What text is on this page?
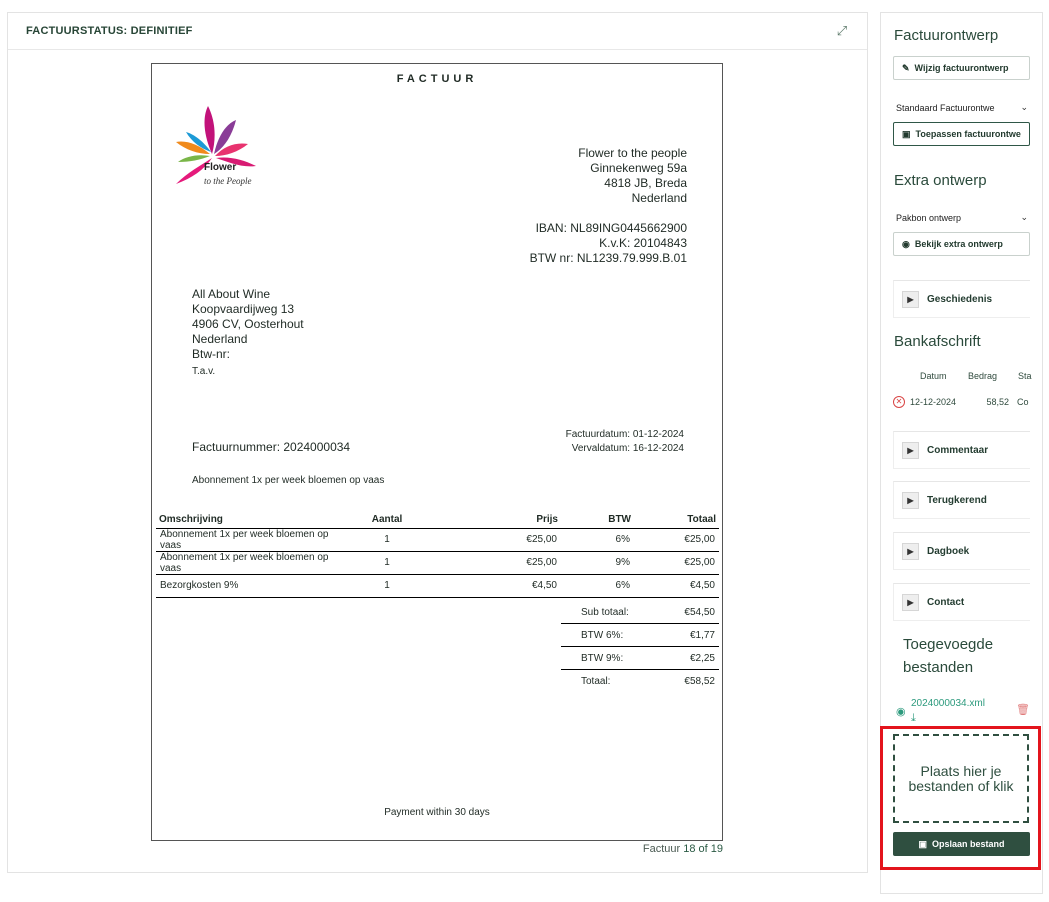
FACTUURSTATUS: DEFINITIEF	⤢
FACTUUR
Flower
to the People
Flower to the people
Ginnekenweg 59a
4818 JB, Breda
Nederland
IBAN: NL89ING0445662900
K.v.K: 20104843
BTW nr: NL1239.79.999.B.01
All About Wine
Koopvaardijweg 13
4906 CV, Oosterhout
Nederland
Btw-nr:
T.a.v.
Factuurnummer: 2024000034
Factuurdatum: 01-12-2024
Vervaldatum: 16-12-2024
Abonnement 1x per week bloemen op vaas
Omschrijving	Aantal	Prijs	BTW	Totaal
Abonnement 1x per week bloemen op vaas	1	€25,00	6%	€25,00
Abonnement 1x per week bloemen op vaas	1	€25,00	9%	€25,00
Bezorgkosten 9%	1	€4,50	6%	€4,50
Sub totaal:	€54,50
BTW 6%:	€1,77
BTW 9%:	€2,25
Totaal:	€58,52
Payment within 30 days
Factuur 18 of 19
Factuurontwerp
✎ Wijzig factuurontwerp
Standaard Factuurontwe	⌄
▣ Toepassen factuurontwe
Extra ontwerp
Pakbon ontwerp	⌄
◉ Bekijk extra ontwerp
▶	Geschiedenis
Bankafschrift
Datum	Bedrag	Sta
✕ 12-12-2024	58,52 Co
▶	Commentaar
▶	Terugkerend
▶	Dagboek
▶	Contact
Toegevoegde
bestanden
◉
2024000034.xml
⤓
🗑
Plaats hier je bestanden of klik
▣ Opslaan bestand
